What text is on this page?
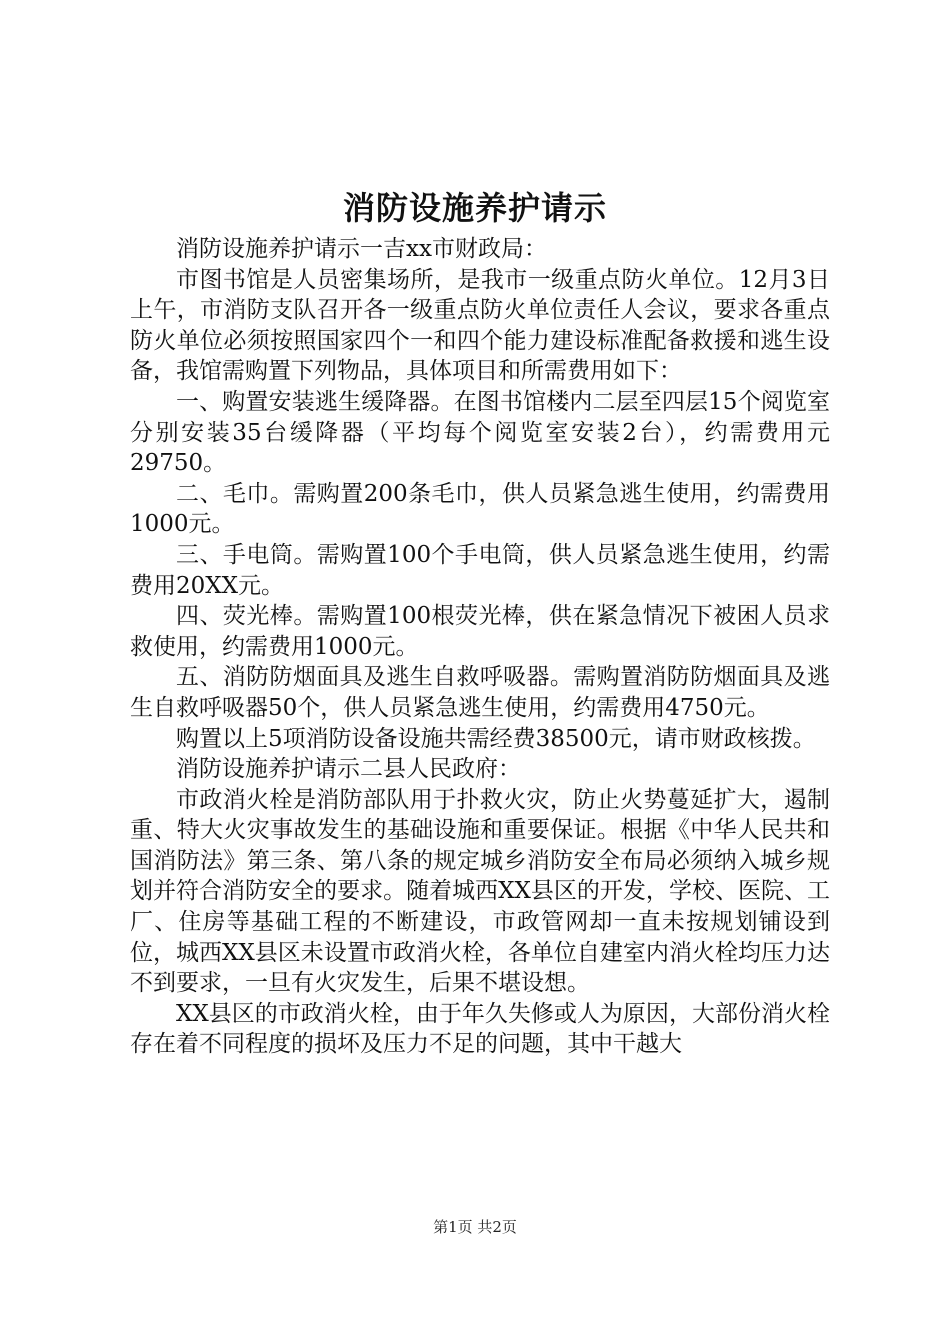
消防设施养护请示

消防设施养护请示一吉xx市财政局：

市图书馆是人员密集场所，是我市一级重点防火单位。12月3日上午，市消防支队召开各一级重点防火单位责任人会议，要求各重点防火单位必须按照国家四个一和四个能力建设标准配备救援和逃生设备，我馆需购置下列物品，具体项目和所需费用如下：

一、购置安装逃生缓降器。在图书馆楼内二层至四层15个阅览室分别安装35台缓降器（平均每个阅览室安装2台），约需费用元29750。

二、毛巾。需购置200条毛巾，供人员紧急逃生使用，约需费用1000元。

三、手电筒。需购置100个手电筒，供人员紧急逃生使用，约需费用20XX元。

四、荧光棒。需购置100根荧光棒，供在紧急情况下被困人员求救使用，约需费用1000元。

五、消防防烟面具及逃生自救呼吸器。需购置消防防烟面具及逃生自救呼吸器50个，供人员紧急逃生使用，约需费用4750元。

购置以上5项消防设备设施共需经费38500元，请市财政核拨。

消防设施养护请示二县人民政府：

市政消火栓是消防部队用于扑救火灾，防止火势蔓延扩大，遏制重、特大火灾事故发生的基础设施和重要保证。根据《中华人民共和国消防法》第三条、第八条的规定城乡消防安全布局必须纳入城乡规划并符合消防安全的要求。随着城西XX县区的开发，学校、医院、工厂、住房等基础工程的不断建设，市政管网却一直未按规划铺设到位，城西XX县区未设置市政消火栓，各单位自建室内消火栓均压力达不到要求，一旦有火灾发生，后果不堪设想。

XX县区的市政消火栓，由于年久失修或人为原因，大部份消火栓存在着不同程度的损坏及压力不足的问题，其中干越大

第1页 共2页
